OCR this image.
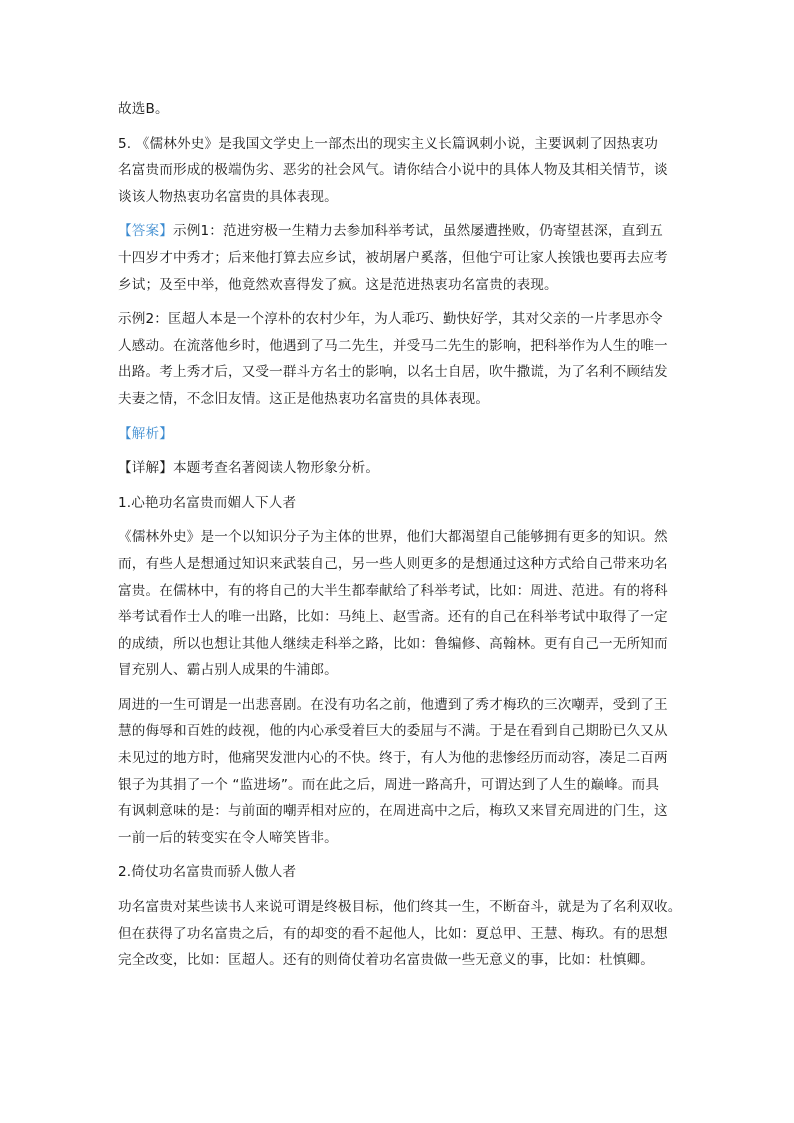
故选B。

5. 《儒林外史》是我国文学史上一部杰出的现实主义长篇讽刺小说，主要讽刺了因热衷功
名富贵而形成的极端伪劣、恶劣的社会风气。请你结合小说中的具体人物及其相关情节，谈
谈该人物热衷功名富贵的具体表现。

【答案】示例1：范进穷极一生精力去参加科举考试，虽然屡遭挫败，仍寄望甚深，直到五
十四岁才中秀才；后来他打算去应乡试，被胡屠户奚落，但他宁可让家人挨饿也要再去应考
乡试；及至中举，他竟然欢喜得发了疯。这是范进热衷功名富贵的表现。

示例2：匡超人本是一个淳朴的农村少年，为人乖巧、勤快好学，其对父亲的一片孝思亦令
人感动。在流落他乡时，他遇到了马二先生，并受马二先生的影响，把科举作为人生的唯一
出路。考上秀才后，又受一群斗方名士的影响，以名士自居，吹牛撒谎，为了名利不顾结发
夫妻之情，不念旧友情。这正是他热衷功名富贵的具体表现。

【解析】

【详解】本题考查名著阅读人物形象分析。

1.心艳功名富贵而媚人下人者

《儒林外史》是一个以知识分子为主体的世界，他们大都渴望自己能够拥有更多的知识。然
而，有些人是想通过知识来武装自己，另一些人则更多的是想通过这种方式给自己带来功名
富贵。在儒林中，有的将自己的大半生都奉献给了科举考试，比如：周进、范进。有的将科
举考试看作士人的唯一出路，比如：马纯上、赵雪斋。还有的自己在科举考试中取得了一定
的成绩，所以也想让其他人继续走科举之路，比如：鲁编修、高翰林。更有自己一无所知而
冒充别人、霸占别人成果的牛浦郎。

周进的一生可谓是一出悲喜剧。在没有功名之前，他遭到了秀才梅玖的三次嘲弄，受到了王
慧的侮辱和百姓的歧视，他的内心承受着巨大的委屈与不满。于是在看到自己期盼已久又从
未见过的地方时，他痛哭发泄内心的不快。终于，有人为他的悲惨经历而动容，凑足二百两
银子为其捐了一个 “监进场”。而在此之后，周进一路高升，可谓达到了人生的巅峰。而具
有讽刺意味的是：与前面的嘲弄相对应的，在周进高中之后，梅玖又来冒充周进的门生，这
一前一后的转变实在令人啼笑皆非。

2.倚仗功名富贵而骄人傲人者

功名富贵对某些读书人来说可谓是终极目标，他们终其一生，不断奋斗，就是为了名利双收。
但在获得了功名富贵之后，有的却变的看不起他人，比如：夏总甲、王慧、梅玖。有的思想
完全改变，比如：匡超人。还有的则倚仗着功名富贵做一些无意义的事，比如：杜慎卿。
